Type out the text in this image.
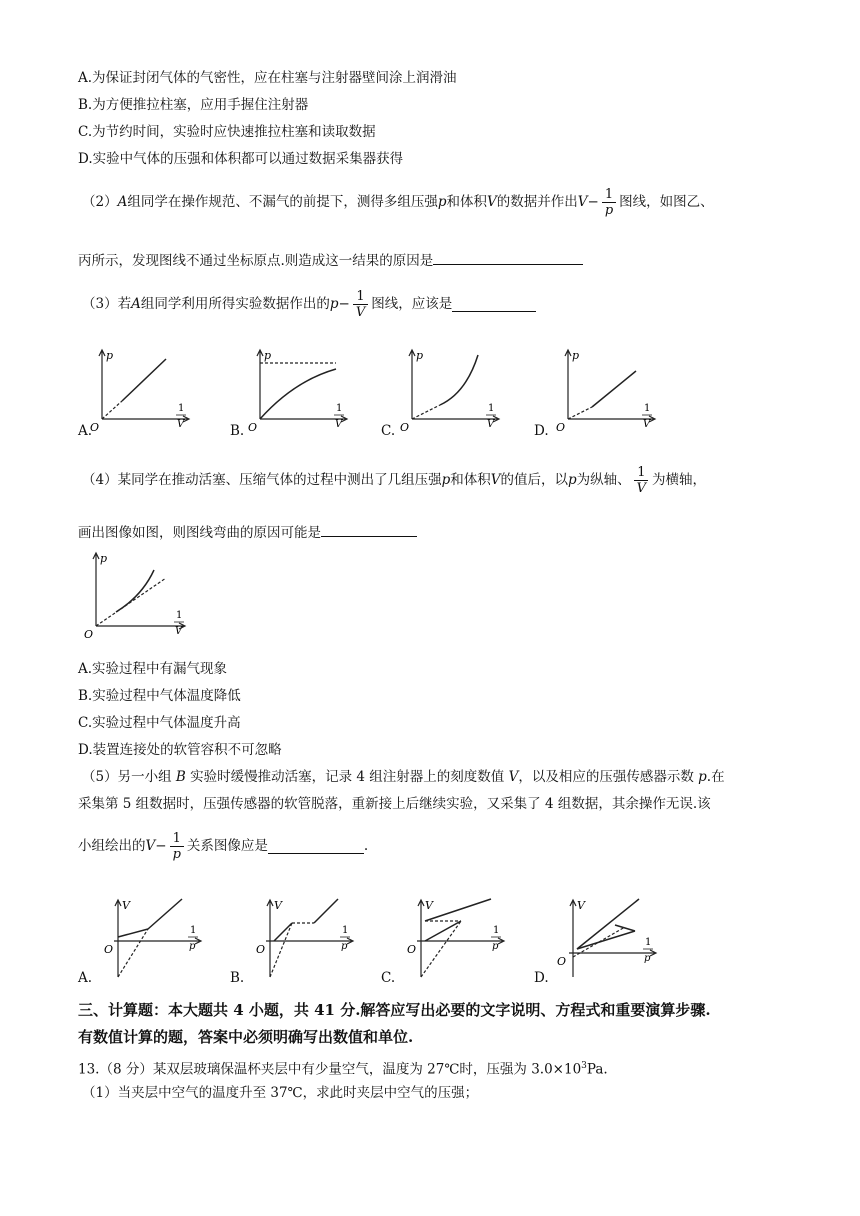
A.为保证封闭气体的气密性，应在柱塞与注射器壁间涂上润滑油
B.为方便推拉柱塞，应用手握住注射器
C.为节约时间，实验时应快速推拉柱塞和读取数据
D.实验中气体的压强和体积都可以通过数据采集器获得
（2） A 组同学在操作规范、不漏气的前提下，测得多组压强 p 和体积 V 的数据并作出 $V - \frac{1}{p}$ 图线，如图乙、
丙所示，发现图线不通过坐标原点.则造成这一结果的原因是
（3）若 A 组同学利用所得实验数据作出的 $p - \frac{1}{V}$ 图线，应该是
A.	B.	C.	D.
p
O
1
V
p
O
1
V
p
O
1
V
p
O
1
V
（4）某同学在推动活塞、压缩气体的过程中测出了几组压强 p 和体积 V 的值后，以 p 为纵轴、 $\frac{1}{V}$ 为横轴，
画出图像如图，则图线弯曲的原因可能是
p
O
1
V
A.实验过程中有漏气现象
B.实验过程中气体温度降低
C.实验过程中气体温度升高
D.装置连接处的软管容积不可忽略
（5）另一小组 B 实验时缓慢推动活塞，记录 4 组注射器上的刻度数值 V，以及相应的压强传感器示数 p.在
采集第 5 组数据时，压强传感器的软管脱落，重新接上后继续实验，又采集了 4 组数据，其余操作无误.该
小组绘出的 $V - \frac{1}{p}$ 关系图像应是	.
A.	B.	C.	D.
V
O
1
p
V
O
1
p
V
O
1
p
V
O
1
p
三、计算题：本大题共 4 小题，共 41 分.解答应写出必要的文字说明、方程式和重要演算步骤.
有数值计算的题，答案中必须明确写出数值和单位.
13.（8 分）某双层玻璃保温杯夹层中有少量空气，温度为 27℃时，压强为 $3.0\times 10^3Pa$.
（1）当夹层中空气的温度升至 37℃，求此时夹层中空气的压强；
